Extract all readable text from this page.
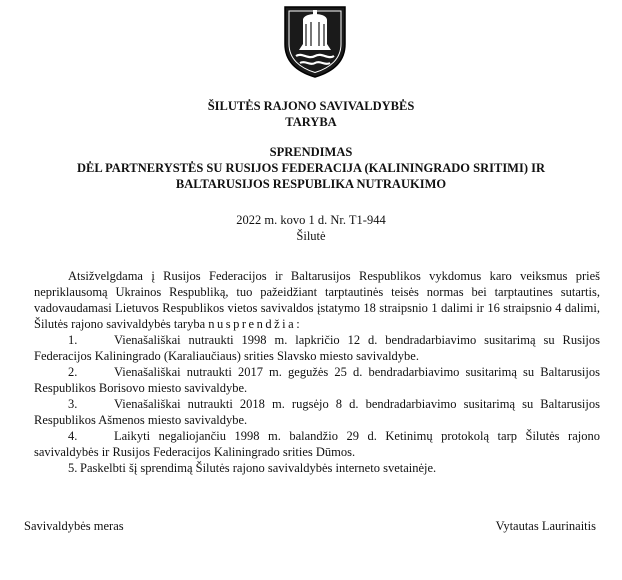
ŠILUTĖS RAJONO SAVIVALDYBĖS
TARYBA
SPRENDIMAS
DĖL PARTNERYSTĖS SU RUSIJOS FEDERACIJA (KALININGRADO SRITIMI) IR
BALTARUSIJOS RESPUBLIKA NUTRAUKIMO
2022 m. kovo 1 d. Nr. T1-944
Šilutė

Atsižvelgdama į Rusijos Federacijos ir Baltarusijos Respublikos vykdomus karo veiksmus prieš nepriklausomą Ukrainos Respubliką, tuo pažeidžiant tarptautinės teisės normas bei tarptautines sutartis, vadovaudamasi Lietuvos Respublikos vietos savivaldos įstatymo 18 straipsnio 1 dalimi ir 16 straipsnio 4 dalimi, Šilutės rajono savivaldybės taryba nusprendžia:

1.	Vienašališkai nutraukti 1998 m. lapkričio 12 d. bendradarbiavimo susitarimą su Rusijos Federacijos Kaliningrado (Karaliaučiaus) srities Slavsko miesto savivaldybe.

2.	Vienašališkai nutraukti 2017 m. gegužės 25 d. bendradarbiavimo susitarimą su Baltarusijos Respublikos Borisovo miesto savivaldybe.

3.	Vienašališkai nutraukti 2018 m. rugsėjo 8 d. bendradarbiavimo susitarimą su Baltarusijos Respublikos Ašmenos miesto savivaldybe.

4.	Laikyti negaliojančiu 1998 m. balandžio 29 d. Ketinimų protokolą tarp Šilutės rajono savivaldybės ir Rusijos Federacijos Kaliningrado srities Dūmos.

5. Paskelbti šį sprendimą Šilutės rajono savivaldybės interneto svetainėje.

Savivaldybės meras	Vytautas Laurinaitis
